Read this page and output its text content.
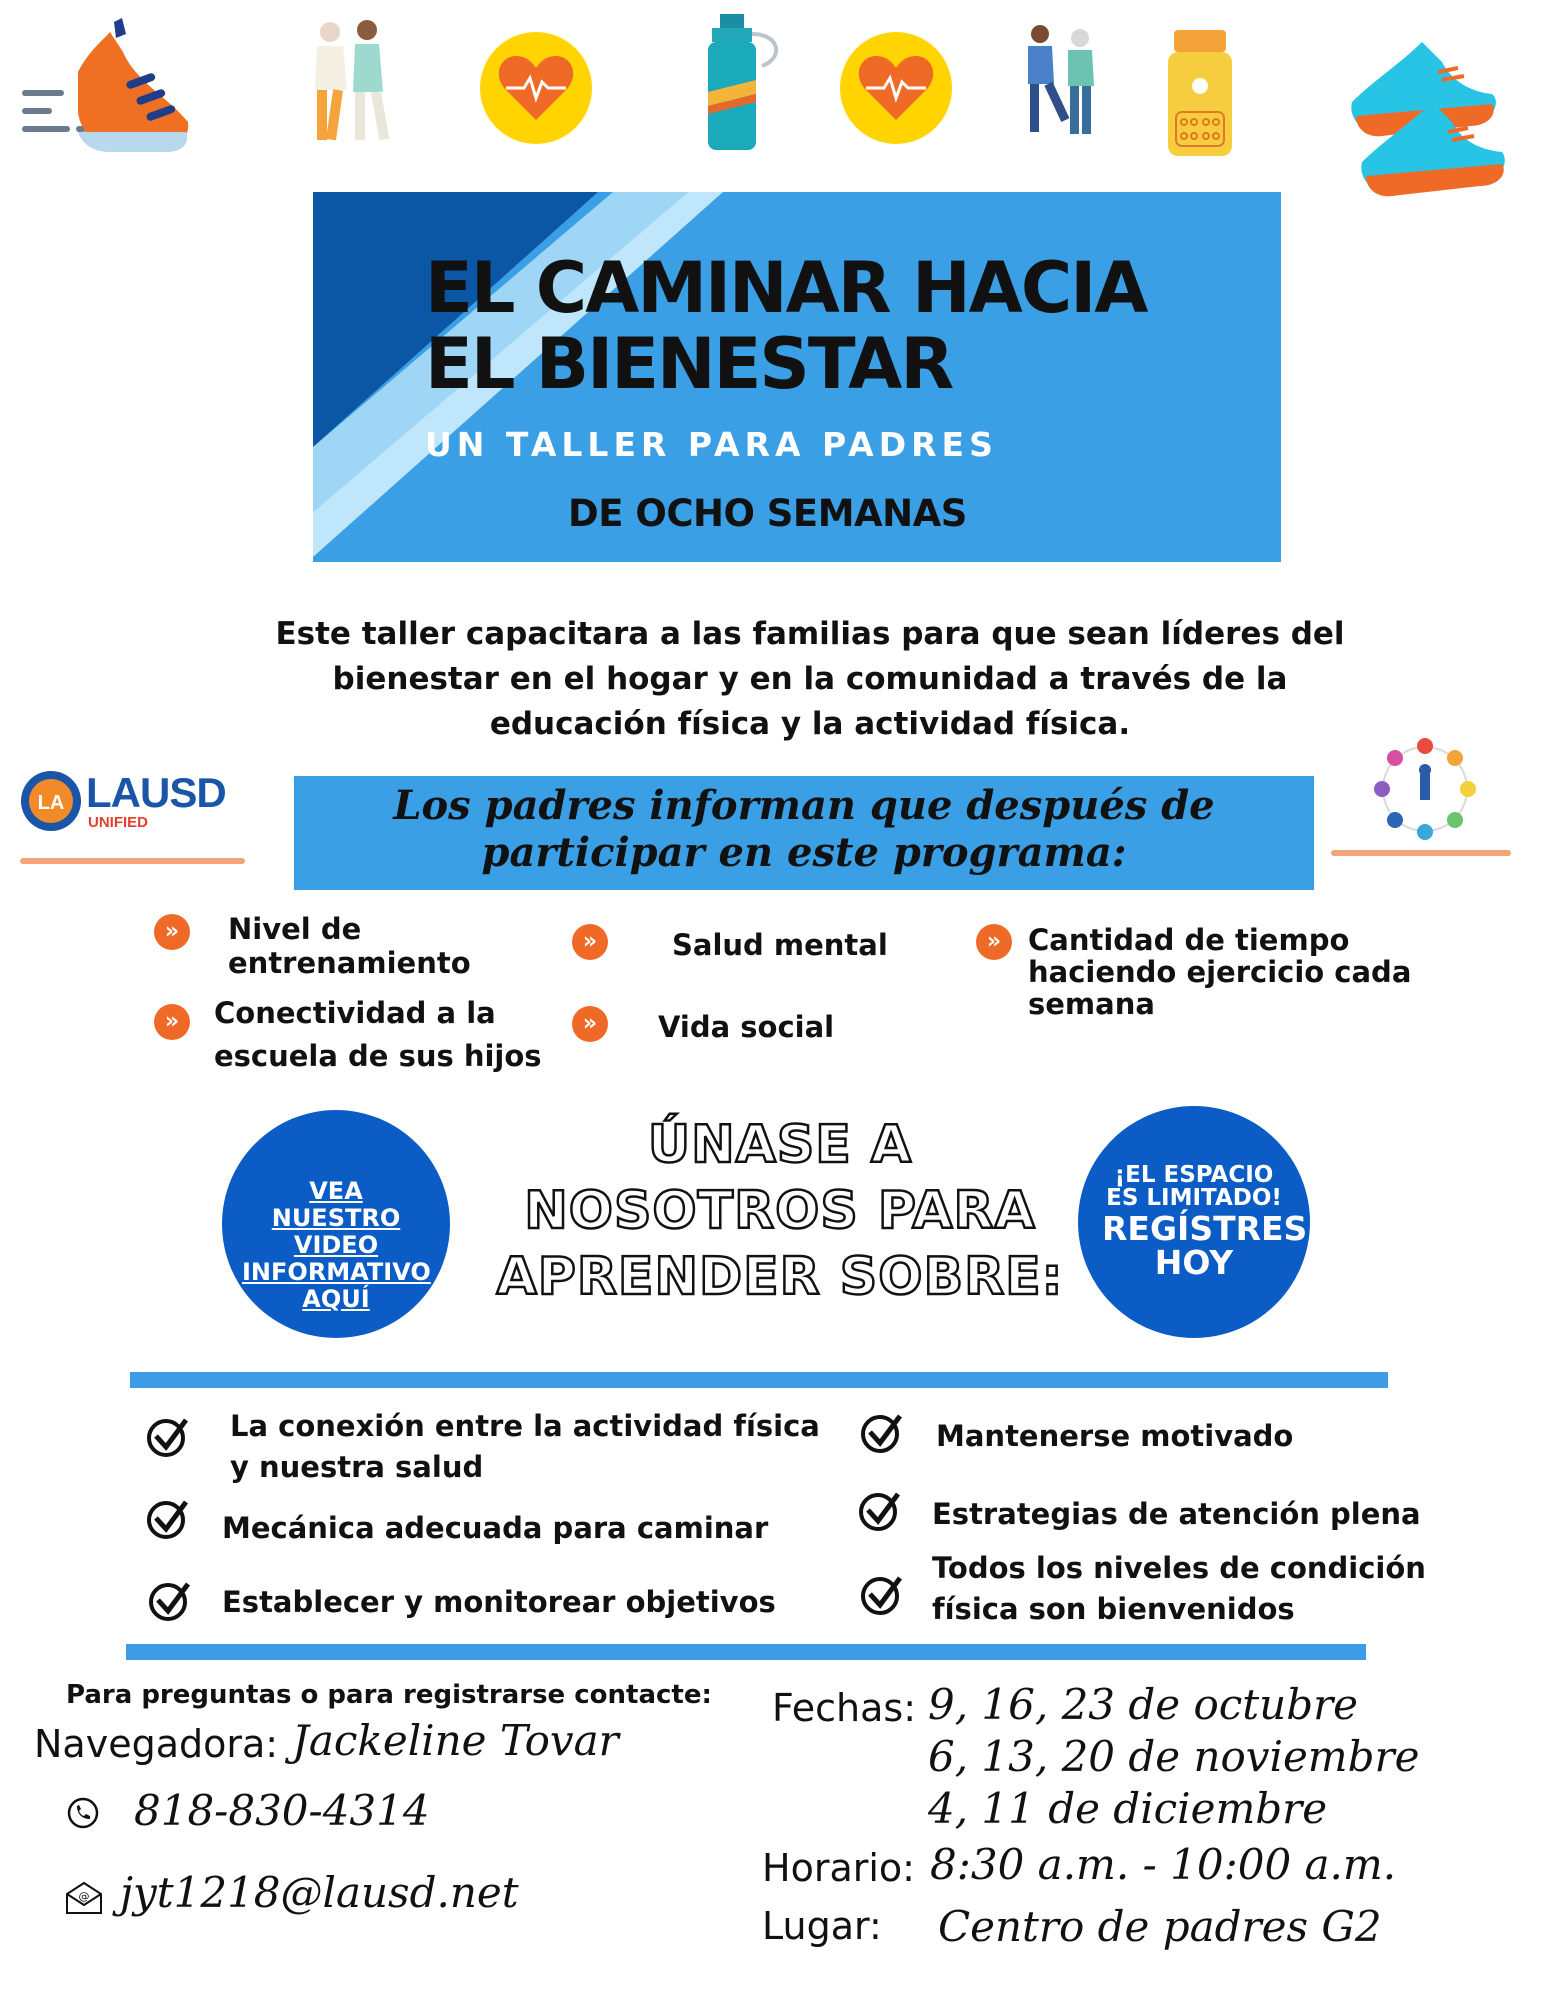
EL CAMINAR HACIA
EL BIENESTAR
UN TALLER PARA PADRES
DE OCHO SEMANAS
Este taller capacitara a las familias para que sean líderes del bienestar en el hogar y en la comunidad a través de la educación física y la actividad física.
LA LAUSD
UNIFIED	Los padres informan que después de participar en este programa:
»	Nivel de entrenamiento
»	Salud mental	» Cantidad de tiempo haciendo ejercicio cada semana
»	Conectividad a la escuela de sus hijos
»	Vida social
VEA NUESTRO VIDEO INFORMATIVO AQUÍ
ÚNASE A NOSOTROS PARA APRENDER SOBRE:
¡EL ESPACIO ES LIMITADO!
REGÍSTRESE HOY
La conexión entre la actividad física y nuestra salud
Mecánica adecuada para caminar
Establecer y monitorear objetivos
Mantenerse motivado
Estrategias de atención plena
Todos los niveles de condición física son bienvenidos
Para preguntas o para registrarse contacte:
Navegadora: Jackeline Tovar
818-830-4314
@ jyt1218@lausd.net
Fechas: 9, 16, 23 de octubre
6, 13, 20 de noviembre
4, 11 de diciembre
Horario: 8:30 a.m. - 10:00 a.m.
Lugar: Centro de padres G2
